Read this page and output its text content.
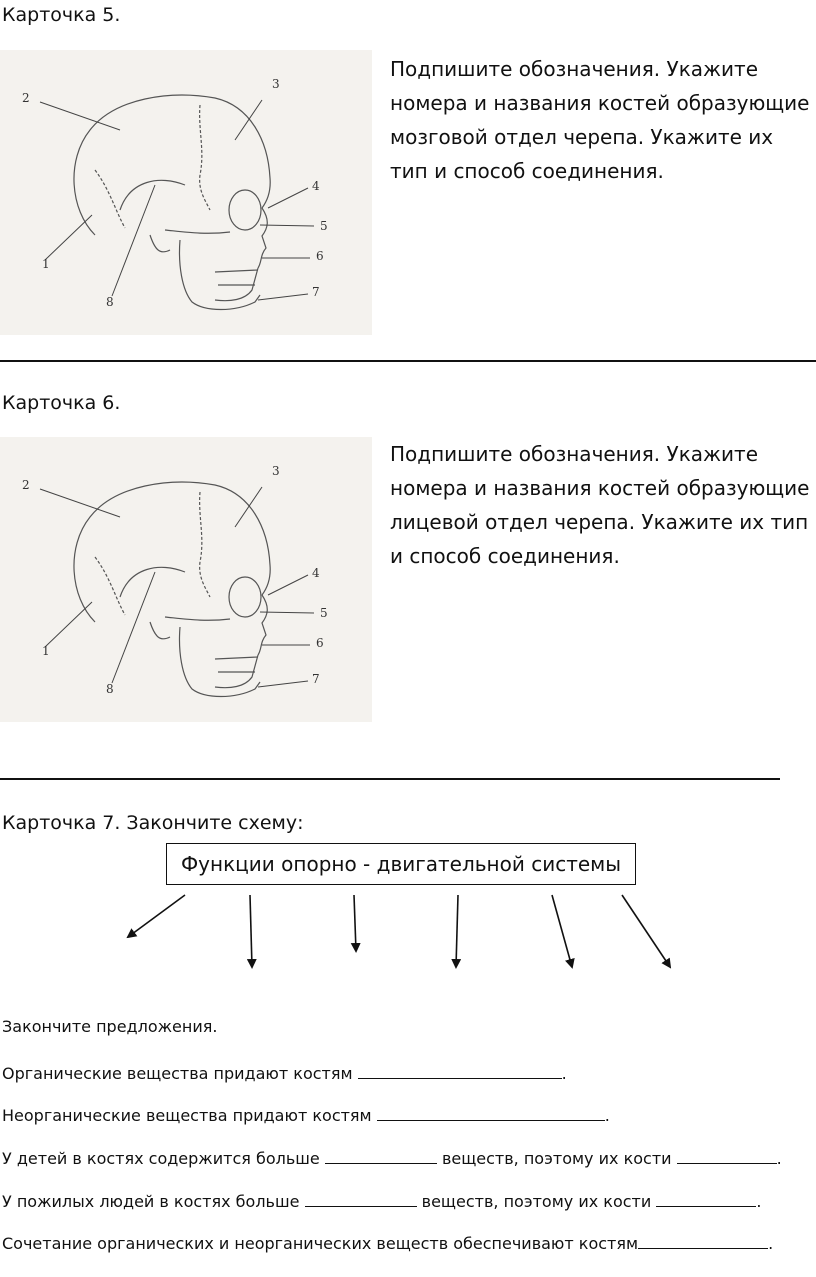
Карточка 5.
1
2
3
4
5
6
7
8
Подпишите обозначения. Укажите номера и названия костей образующие мозговой отдел черепа. Укажите их тип и способ соединения.
Карточка 6.
1
2
3
4
5
6
7
8
Подпишите обозначения. Укажите номера и названия костей образующие лицевой отдел черепа. Укажите их тип и способ соединения.
Карточка 7. Закончите схему:
Функции опорно - двигательной системы
Закончите предложения.
Органические вещества придают костям	.
Неорганические вещества придают костям	.
У детей в костях содержится больше	веществ, поэтому их кости	.
У пожилых людей в костях больше	веществ, поэтому их кости	.
Сочетание органических и неорганических веществ обеспечивают костям	.
